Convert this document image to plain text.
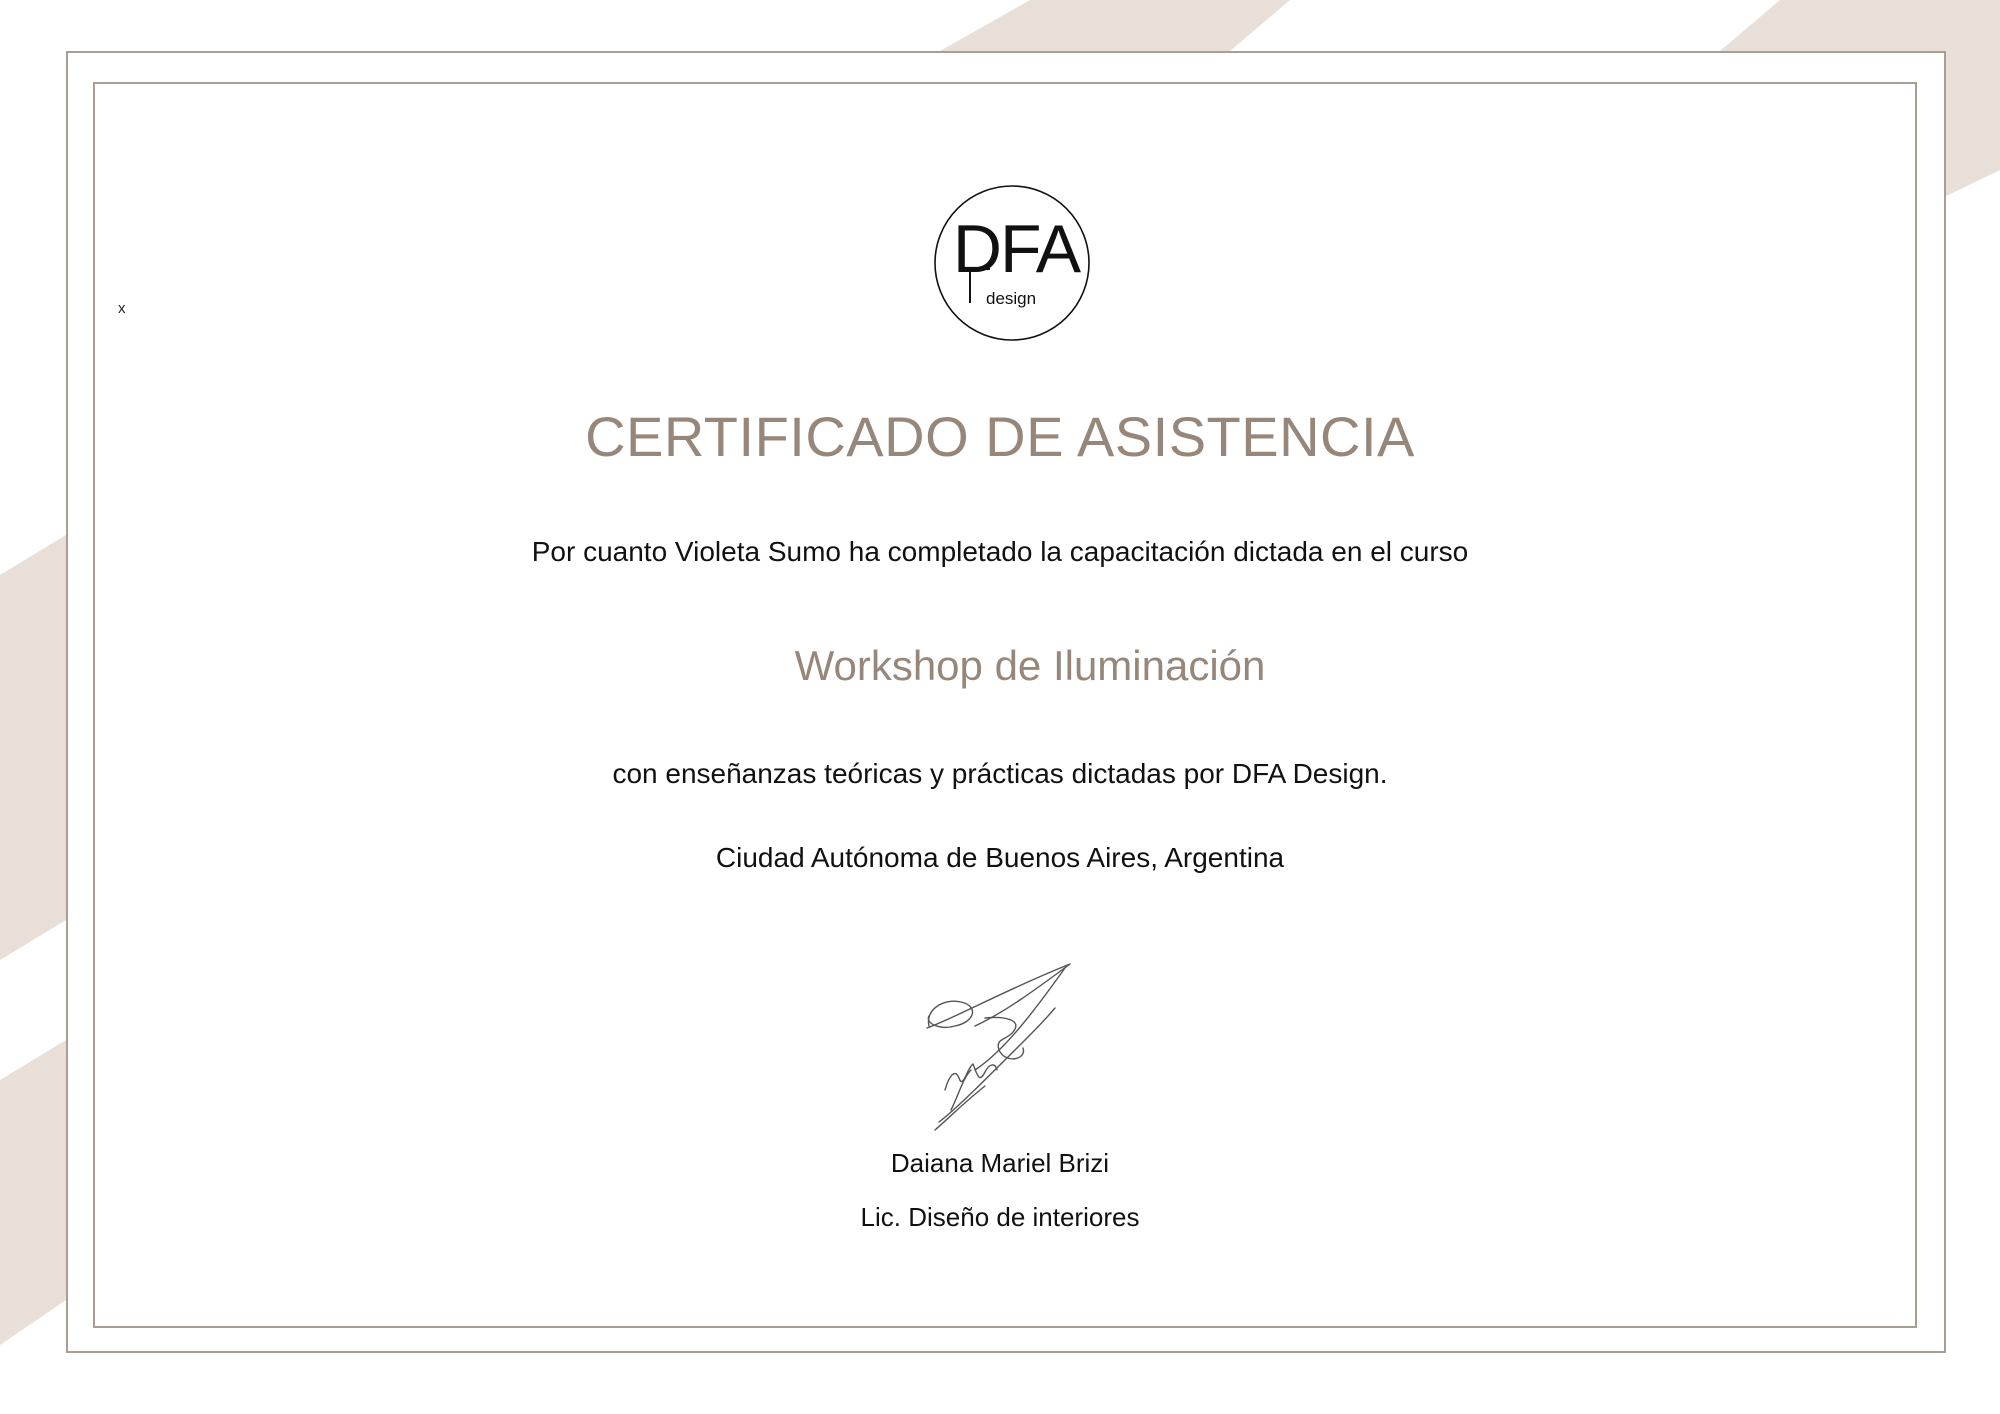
x
DFA
design
CERTIFICADO DE ASISTENCIA
Por cuanto Violeta Sumo ha completado la capacitación dictada en el curso
Workshop de Iluminación
con enseñanzas teóricas y prácticas dictadas por DFA Design.
Ciudad Autónoma de Buenos Aires, Argentina
Daiana Mariel Brizi
Lic. Diseño de interiores
